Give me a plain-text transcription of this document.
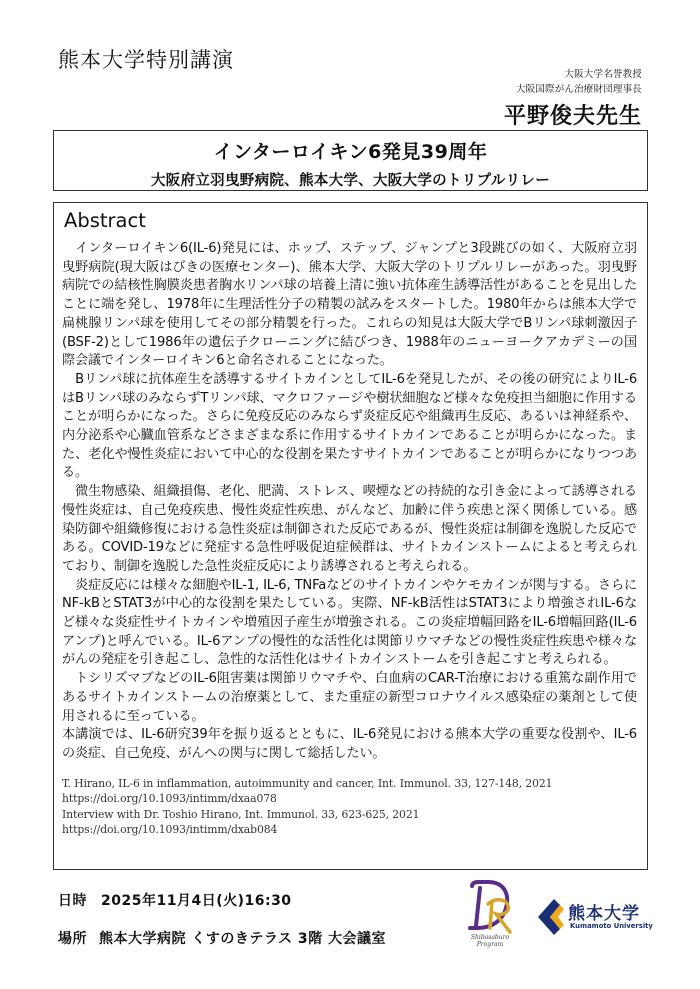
熊本大学特別講演
大阪大学名誉教授
大阪国際がん治療財団理事長
平野俊夫先生
インターロイキン6発見39周年
大阪府立羽曳野病院、熊本大学、大阪大学のトリプルリレー
Abstract

インターロイキン6(IL-6)発見には、ホップ、ステップ、ジャンプと3段跳びの如く、大阪府立羽曳野病院(現大阪はびきの医療センター)、熊本大学、大阪大学のトリプルリレーがあった。羽曳野病院での結核性胸膜炎患者胸水リンパ球の培養上清に強い抗体産生誘導活性があることを見出したことに端を発し、1978年に生理活性分子の精製の試みをスタートした。1980年からは熊本大学で扁桃腺リンパ球を使用してその部分精製を行った。これらの知見は大阪大学でBリンパ球刺激因子(BSF-2)として1986年の遺伝子クローニングに結びつき、1988年のニューヨークアカデミーの国際会議でインターロイキン6と命名されることになった。

Bリンパ球に抗体産生を誘導するサイトカインとしてIL-6を発見したが、その後の研究によりIL-6はBリンパ球のみならずTリンパ球、マクロファージや樹状細胞など様々な免疫担当細胞に作用することが明らかになった。さらに免疫反応のみならず炎症反応や組織再生反応、あるいは神経系や、内分泌系や心臓血管系などさまざまな系に作用するサイトカインであることが明らかになった。また、老化や慢性炎症において中心的な役割を果たすサイトカインであることが明らかになりつつある。

微生物感染、組織損傷、老化、肥満、ストレス、喫煙などの持続的な引き金によって誘導される慢性炎症は、自己免疫疾患、慢性炎症性疾患、がんなど、加齢に伴う疾患と深く関係している。感染防御や組織修復における急性炎症は制御された反応であるが、慢性炎症は制御を逸脱した反応である。COVID-19などに発症する急性呼吸促迫症候群は、サイトカインストームによると考えられており、制御を逸脱した急性炎症反応により誘導されると考えられる。

炎症反応には様々な細胞やIL-1, IL-6, TNFaなどのサイトカインやケモカインが関与する。さらにNF-kBとSTAT3が中心的な役割を果たしている。実際、NF-kB活性はSTAT3により増強されIL-6など様々な炎症性サイトカインや増殖因子産生が増強される。この炎症増幅回路をIL-6増幅回路(IL-6アンプ)と呼んでいる。IL-6アンプの慢性的な活性化は関節リウマチなどの慢性炎症性疾患や様々ながんの発症を引き起こし、急性的な活性化はサイトカインストームを引き起こすと考えられる。

トシリズマブなどのIL-6阻害薬は関節リウマチや、白血病のCAR-T治療における重篤な副作用であるサイトカインストームの治療薬として、また重症の新型コロナウイルス感染症の薬剤として使用されるに至っている。

本講演では、IL-6研究39年を振り返るとともに、IL-6発見における熊本大学の重要な役割や、IL-6 の炎症、自己免疫、がんへの関与に関して総括したい。

T. Hirano, IL-6 in inflammation, autoimmunity and cancer, Int. Immunol. 33, 127-148, 2021
https://doi.org/10.1093/intimm/dxaa078
Interview with Dr. Toshio Hirano, Int. Immunol. 33, 623-625, 2021
https://doi.org/10.1093/intimm/dxab084
日時 2025年11月4日(火)16:30
場所 熊本大学病院 くすのきテラス 3階 大会議室	Shibasaburo Program
熊本大学
Kumamoto University
